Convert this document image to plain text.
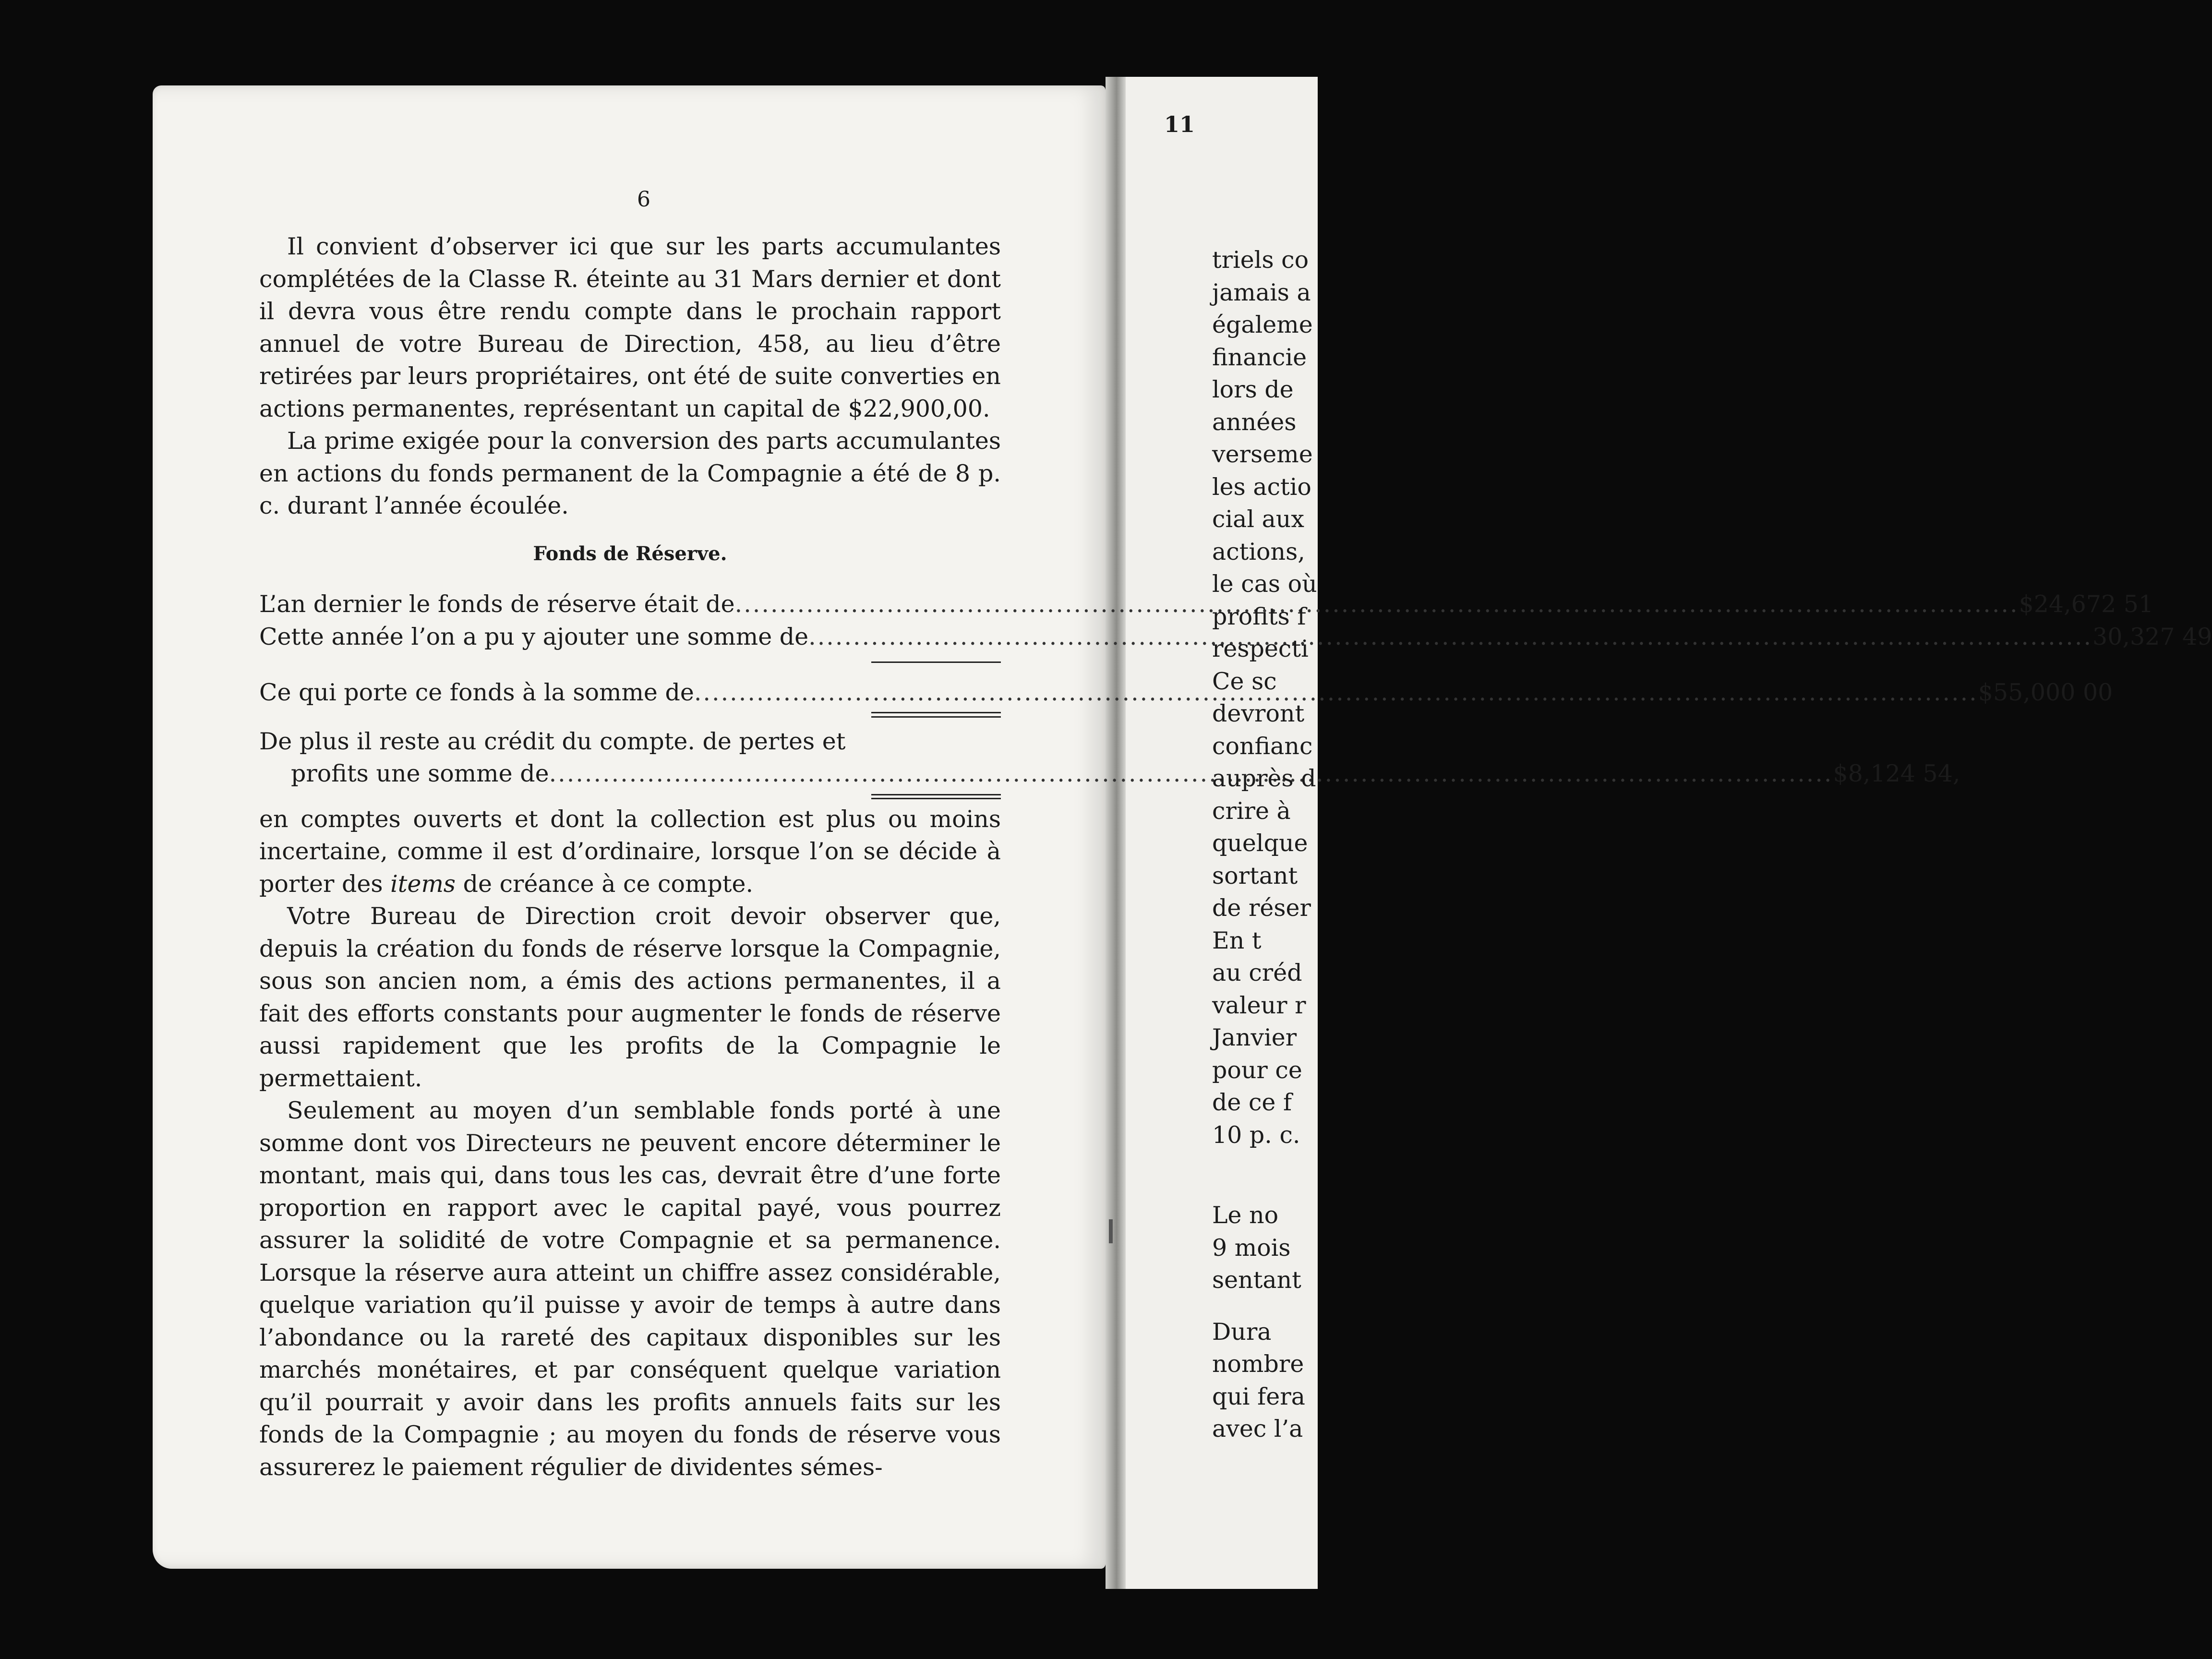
6
11

Il convient d’observer ici que sur les parts accumulantes complétées de la Classe R. éteinte au 31 Mars dernier et dont il devra vous être rendu compte dans le prochain rapport annuel de votre Bureau de Direction, 458, au lieu d’être retirées par leurs propriétaires, ont été de suite converties en actions permanentes, représentant un capital de $22,900,00.

La prime exigée pour la conversion des parts accumulantes en actions du fonds permanent de la Compagnie a été de 8 p. c. durant l’année écoulée.

Fonds de Réserve.
L’an dernier le fonds de réserve était de .....	$24,672 51
Cette année l’on a pu y ajouter une somme de .....	30,327 49
Ce qui porte ce fonds à la somme de .....	$55,000 00

De plus il reste au crédit du compte. de pertes et

profits une somme de .....	$8,124 54,

en comptes ouverts et dont la collection est plus ou moins incertaine, comme il est d’ordinaire, lorsque l’on se décide à porter des items de créance à ce compte.

Votre Bureau de Direction croit devoir observer que, depuis la création du fonds de réserve lorsque la Compagnie, sous son ancien nom, a émis des actions permanentes, il a fait des efforts constants pour augmenter le fonds de réserve aussi rapidement que les profits de la Compagnie le permettaient.

Seulement au moyen d’un semblable fonds porté à une somme dont vos Directeurs ne peuvent encore déterminer le montant, mais qui, dans tous les cas, devrait être d’une forte proportion en rapport avec le capital payé, vous pourrez assurer la solidité de votre Compagnie et sa permanence. Lorsque la réserve aura atteint un chiffre assez considérable, quelque variation qu’il puisse y avoir de temps à autre dans l’abondance ou la rareté des capitaux disponibles sur les marchés monétaires, et par conséquent quelque variation qu’il pourrait y avoir dans les profits annuels faits sur les fonds de la Compagnie ; au moyen du fonds de réserve vous assurerez le paiement régulier de dividentes sémes-

triels co
jamais a
égaleme
financie
lors de
années
verseme
les actio
cial aux
actions,
le cas où
profits f
respecti
Ce sc
devront
confianc
auprès d
crire à
quelque
sortant
de réser
En t
au créd
valeur r
Janvier
pour ce
de ce f
10 p. c.
Le no
9 mois
sentant
Dura
nombre
qui fera
avec l’a
